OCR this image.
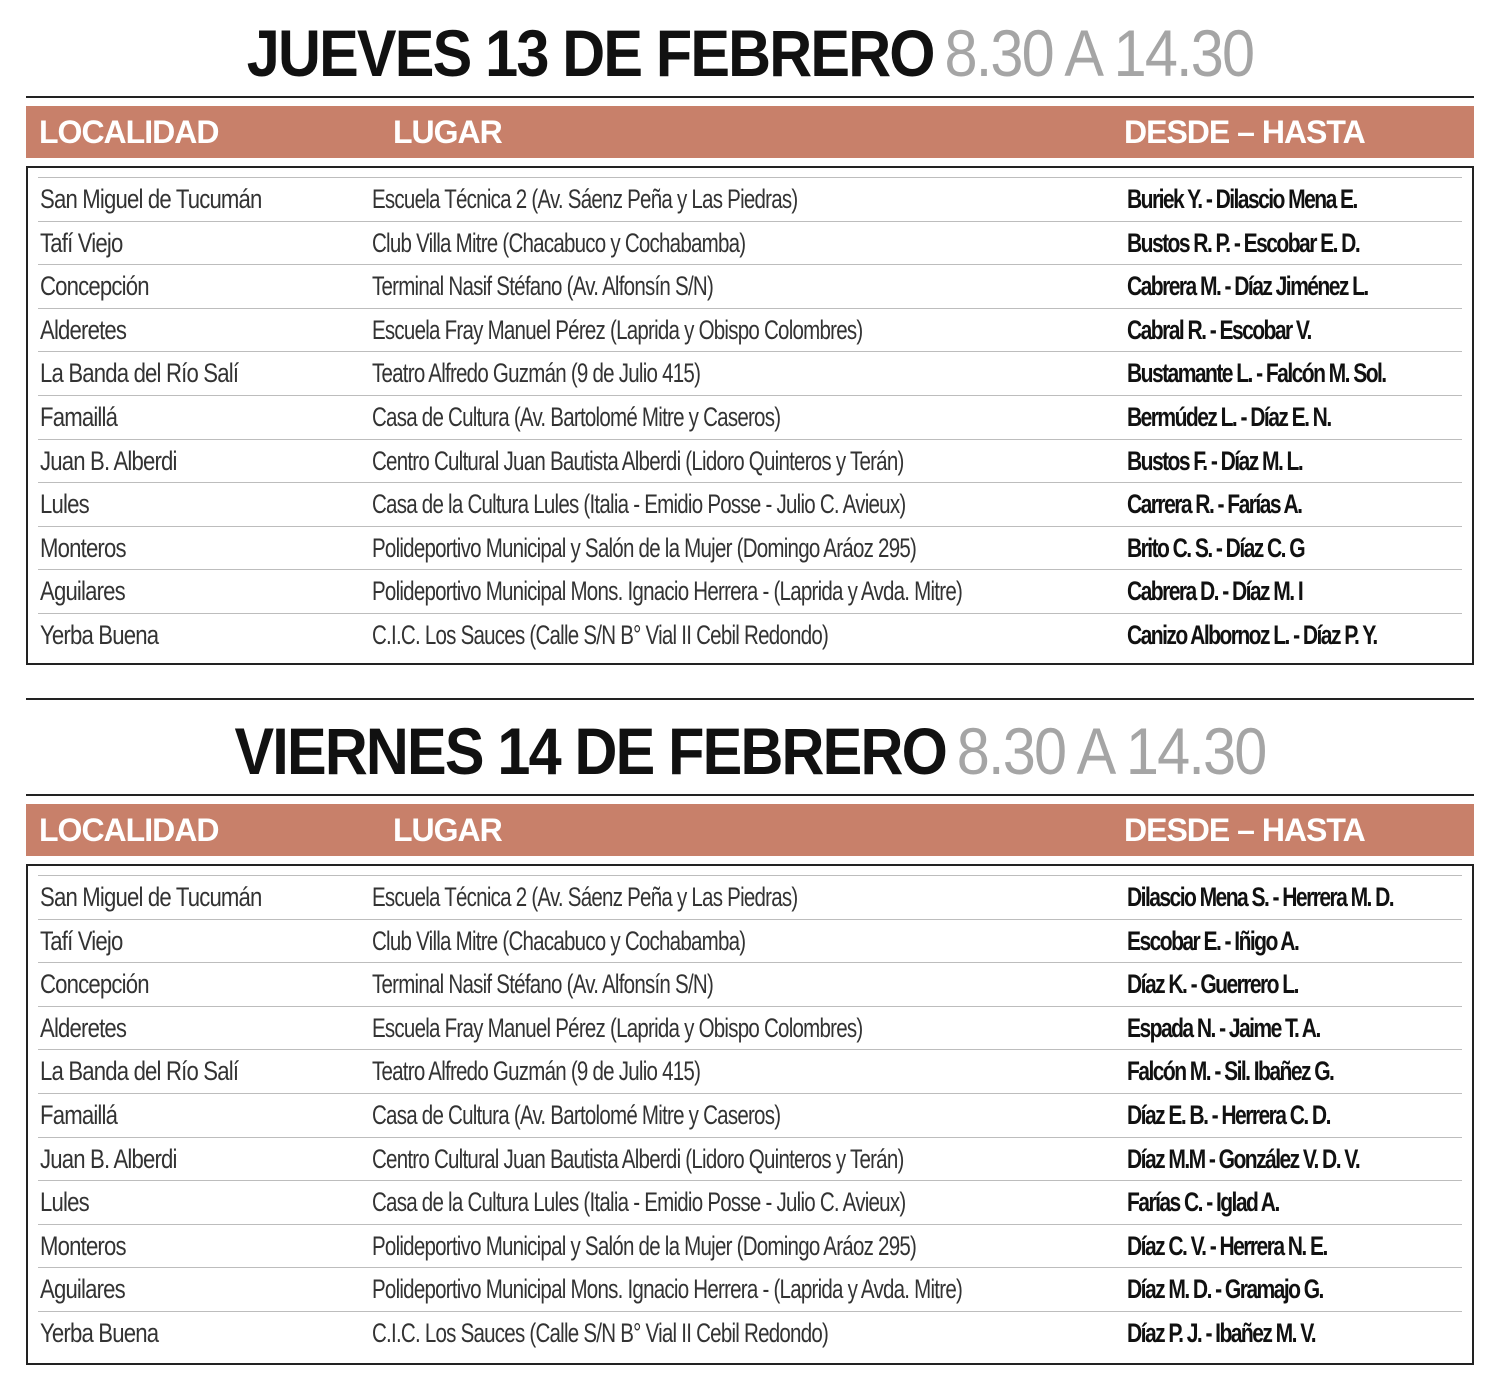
JUEVES 13 DE FEBRERO 8.30 A 14.30
LOCALIDAD	LUGAR	DESDE – HASTA
San Miguel de Tucumán	Escuela Técnica 2 (Av. Sáenz Peña y Las Piedras)	Buriek Y. - Dilascio Mena E.
Tafí Viejo	Club Villa Mitre (Chacabuco y Cochabamba)	Bustos R. P. - Escobar E. D.
Concepción	Terminal Nasif Stéfano (Av. Alfonsín S/N)	Cabrera M. - Díaz Jiménez L.
Alderetes	Escuela Fray Manuel Pérez (Laprida y Obispo Colombres)	Cabral R. - Escobar V.
La Banda del Río Salí	Teatro Alfredo Guzmán (9 de Julio 415)	Bustamante L. - Falcón M. Sol.
Famaillá	Casa de Cultura (Av. Bartolomé Mitre y Caseros)	Bermúdez L. - Díaz E. N.
Juan B. Alberdi	Centro Cultural Juan Bautista Alberdi (Lidoro Quinteros y Terán)	Bustos F. - Díaz M. L.
Lules	Casa de la Cultura Lules (Italia - Emidio Posse - Julio C. Avieux)	Carrera R. - Farías A.
Monteros	Polideportivo Municipal y Salón de la Mujer (Domingo Aráoz 295)	Brito C. S. - Díaz C. G
Aguilares	Polideportivo Municipal Mons. Ignacio Herrera - (Laprida y Avda. Mitre)	Cabrera D. - Díaz M. I
Yerba Buena	C.I.C. Los Sauces (Calle S/N B° Vial II Cebil Redondo)	Canizo Albornoz L. - Díaz P. Y.
VIERNES 14 DE FEBRERO 8.30 A 14.30
LOCALIDAD	LUGAR	DESDE – HASTA
San Miguel de Tucumán	Escuela Técnica 2 (Av. Sáenz Peña y Las Piedras)	Dilascio Mena S. - Herrera M. D.
Tafí Viejo	Club Villa Mitre (Chacabuco y Cochabamba)	Escobar E. - Iñigo A.
Concepción	Terminal Nasif Stéfano (Av. Alfonsín S/N)	Díaz K. - Guerrero L.
Alderetes	Escuela Fray Manuel Pérez (Laprida y Obispo Colombres)	Espada N. - Jaime T. A.
La Banda del Río Salí	Teatro Alfredo Guzmán (9 de Julio 415)	Falcón M. - Sil. Ibañez G.
Famaillá	Casa de Cultura (Av. Bartolomé Mitre y Caseros)	Díaz E. B. - Herrera C. D.
Juan B. Alberdi	Centro Cultural Juan Bautista Alberdi (Lidoro Quinteros y Terán)	Díaz M.M - González V. D. V.
Lules	Casa de la Cultura Lules (Italia - Emidio Posse - Julio C. Avieux)	Farías C. - Iglad A.
Monteros	Polideportivo Municipal y Salón de la Mujer (Domingo Aráoz 295)	Díaz C. V. - Herrera N. E.
Aguilares	Polideportivo Municipal Mons. Ignacio Herrera - (Laprida y Avda. Mitre)	Díaz M. D. - Gramajo G.
Yerba Buena	C.I.C. Los Sauces (Calle S/N B° Vial II Cebil Redondo)	Díaz P. J. - Ibañez M. V.
